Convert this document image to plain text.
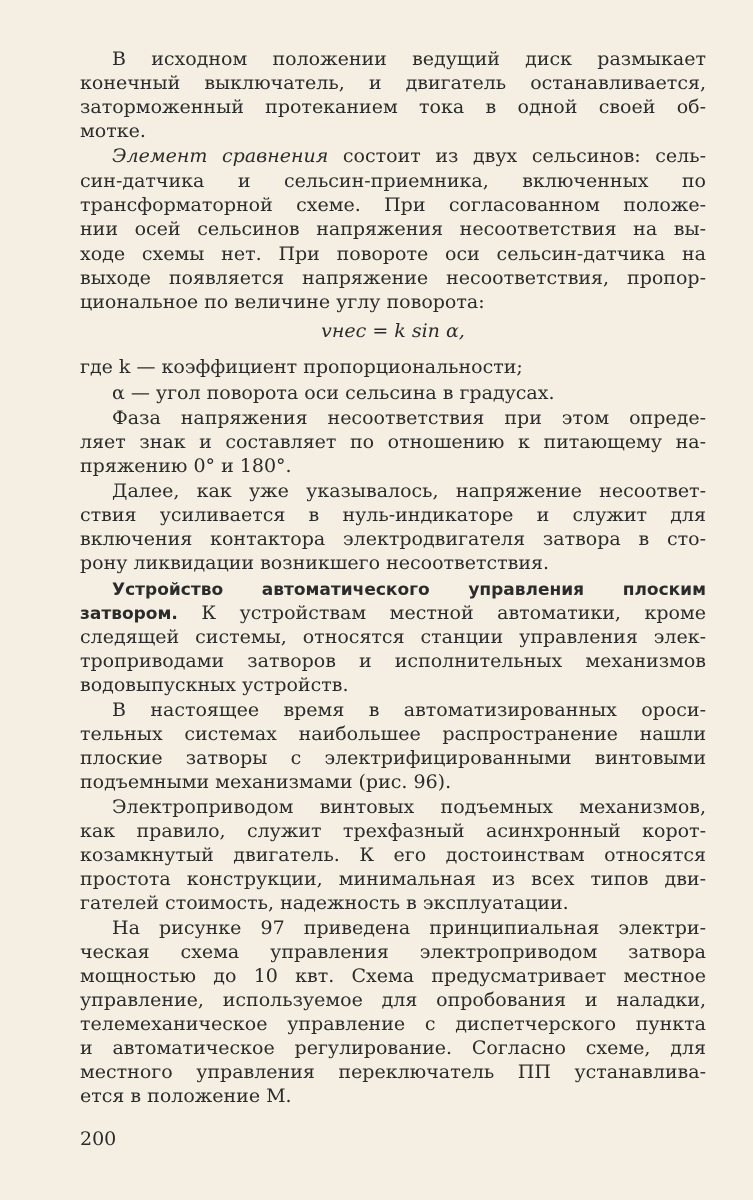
В исходном положении ведущий диск размыкает
конечный выключатель, и двигатель останавливается,
заторможенный протеканием тока в одной своей об-
мотке.
Элемент сравнения состоит из двух сельсинов: сель-
син-датчика и сельсин-приемника, включенных по
трансформаторной схеме. При согласованном положе-
нии осей сельсинов напряжения несоответствия на вы-
ходе схемы нет. При повороте оси сельсин-датчика на
выходе появляется напряжение несоответствия, пропор-
циональное по величине углу поворота:
vнес = k sin α,
где k — коэффициент пропорциональности;
α — угол поворота оси сельсина в градусах.
Фаза напряжения несоответствия при этом опреде-
ляет знак и составляет по отношению к питающему на-
пряжению 0° и 180°.
Далее, как уже указывалось, напряжение несоответ-
ствия усиливается в нуль-индикаторе и служит для
включения контактора электродвигателя затвора в сто-
рону ликвидации возникшего несоответствия.
Устройство автоматического управления плоским
затвором. К устройствам местной автоматики, кроме
следящей системы, относятся станции управления элек-
троприводами затворов и исполнительных механизмов
водовыпускных устройств.
В настоящее время в автоматизированных ороси-
тельных системах наибольшее распространение нашли
плоские затворы с электрифицированными винтовыми
подъемными механизмами (рис. 96).
Электроприводом винтовых подъемных механизмов,
как правило, служит трехфазный асинхронный корот-
козамкнутый двигатель. К его достоинствам относятся
простота конструкции, минимальная из всех типов дви-
гателей стоимость, надежность в эксплуатации.
На рисунке 97 приведена принципиальная электри-
ческая схема управления электроприводом затвора
мощностью до 10 квт. Схема предусматривает местное
управление, используемое для опробования и наладки,
телемеханическое управление с диспетчерского пункта
и автоматическое регулирование. Согласно схеме, для
местного управления переключатель ПП устанавлива-
ется в положение М.
200
